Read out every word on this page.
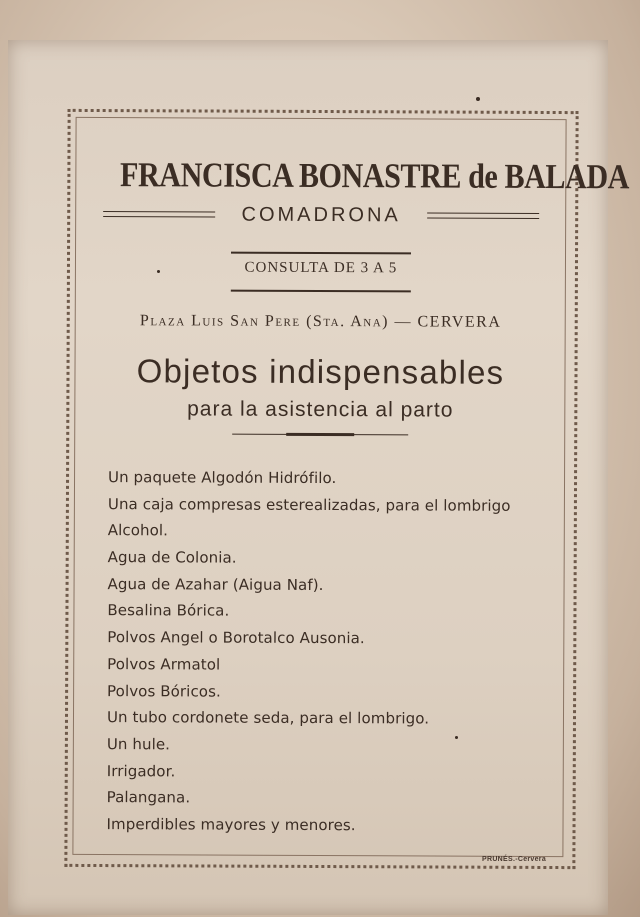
FRANCISCA BONASTRE de BALADA
COMADRONA
CONSULTA DE 3 A 5
Plaza Luis San Pere (Sta. Ana) — CERVERA
Objetos indispensables
para la asistencia al parto
Un paquete Algodón Hidrófilo.
Una caja compresas esterealizadas, para el lombrigo
Alcohol.
Agua de Colonia.
Agua de Azahar (Aigua Naf).
Besalina Bórica.
Polvos Angel o Borotalco Ausonia.
Polvos Armatol
Polvos Bóricos.
Un tubo cordonete seda, para el lombrigo.
Un hule.
Irrigador.
Palangana.
Imperdibles mayores y menores.
PRUNÉS.-Cervera
